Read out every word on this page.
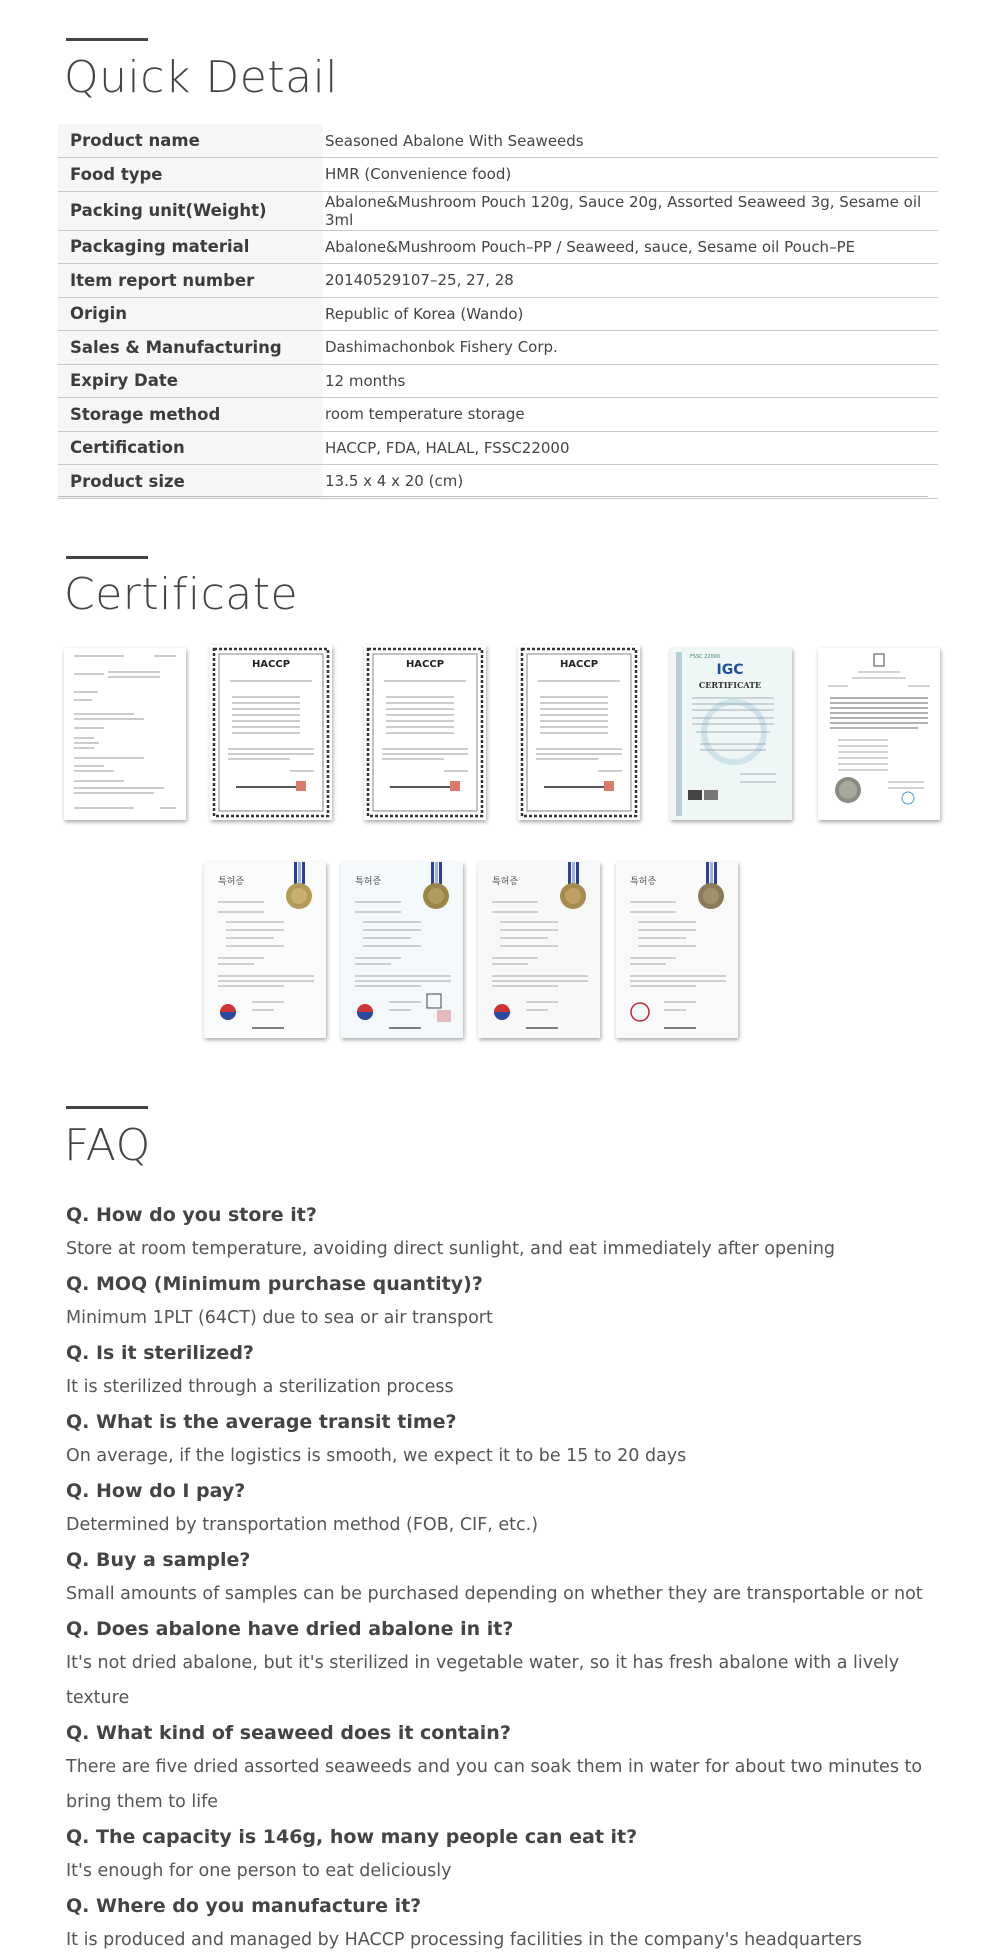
Quick Detail
Product name	Seasoned Abalone With Seaweeds
Food type	HMR (Convenience food)
Packing unit(Weight)	Abalone&Mushroom Pouch 120g, Sauce 20g, Assorted Seaweed 3g, Sesame oil 3ml
Packaging material	Abalone&Mushroom Pouch–PP / Seaweed, sauce, Sesame oil Pouch–PE
Item report number	20140529107–25, 27, 28
Origin	Republic of Korea (Wando)
Sales & Manufacturing	Dashimachonbok Fishery Corp.
Expiry Date	12 months
Storage method	room temperature storage
Certification	HACCP, FDA, HALAL, FSSC22000
Product size	13.5 x 4 x 20 (cm)
Certificate
HACCP	HACCP	HACCP
FSSC 22000
IGC
CERTIFICATE
특허증	특허증	특허증	특허증
FAQ

Q. How do you store it?

Store at room temperature, avoiding direct sunlight, and eat immediately after opening

Q. MOQ (Minimum purchase quantity)?

Minimum 1PLT (64CT) due to sea or air transport

Q. Is it sterilized?

It is sterilized through a sterilization process

Q. What is the average transit time?

On average, if the logistics is smooth, we expect it to be 15 to 20 days

Q. How do I pay?

Determined by transportation method (FOB, CIF, etc.)

Q. Buy a sample?

Small amounts of samples can be purchased depending on whether they are transportable or not

Q. Does abalone have dried abalone in it?

It's not dried abalone, but it's sterilized in vegetable water, so it has fresh abalone with a lively texture

Q. What kind of seaweed does it contain?

There are five dried assorted seaweeds and you can soak them in water for about two minutes to bring them to life

Q. The capacity is 146g, how many people can eat it?

It's enough for one person to eat deliciously

Q. Where do you manufacture it?

It is produced and managed by HACCP processing facilities in the company's headquarters
